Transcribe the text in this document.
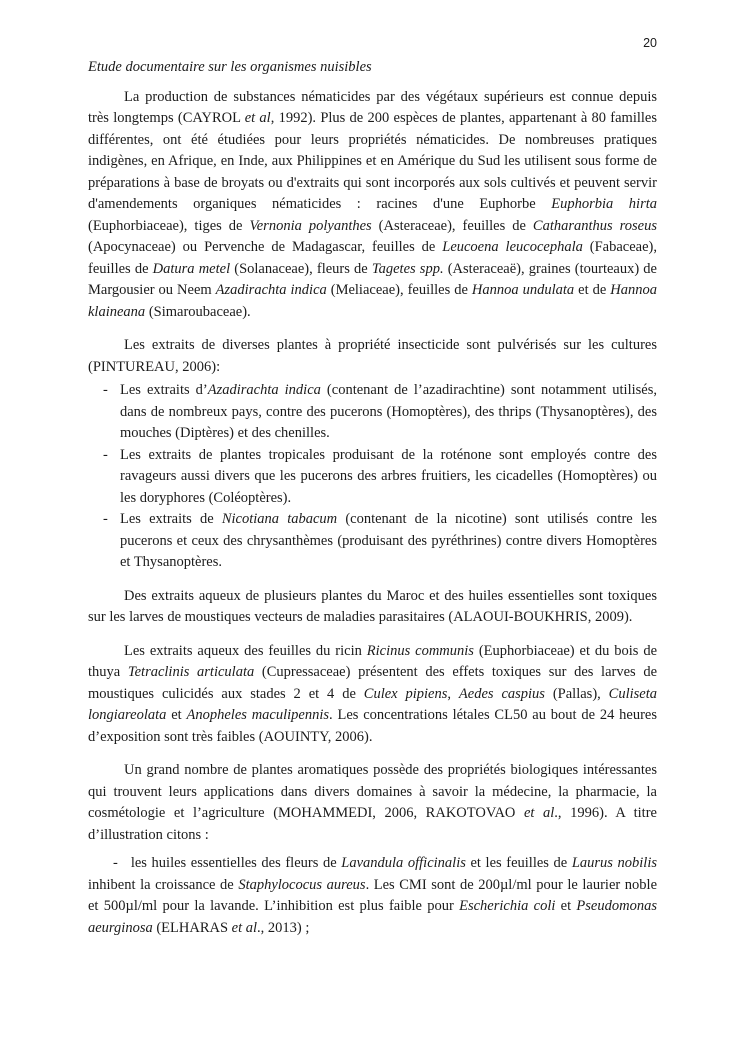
20
Etude documentaire sur les organismes nuisibles

La production de substances nématicides par des végétaux supérieurs est connue depuis très longtemps (CAYROL et al, 1992). Plus de 200 espèces de plantes, appartenant à 80 familles différentes, ont été étudiées pour leurs propriétés nématicides. De nombreuses pratiques indigènes, en Afrique, en Inde, aux Philippines et en Amérique du Sud les utilisent sous forme de préparations à base de broyats ou d'extraits qui sont incorporés aux sols cultivés et peuvent servir d'amendements organiques nématicides : racines d'une Euphorbe Euphorbia hirta (Euphorbiaceae), tiges de Vernonia polyanthes (Asteraceae), feuilles de Catharanthus roseus (Apocynaceae) ou Pervenche de Madagascar, feuilles de Leucoena leucocephala (Fabaceae), feuilles de Datura metel (Solanaceae), fleurs de Tagetes spp. (Asteraceaë), graines (tourteaux) de Margousier ou Neem Azadirachta indica (Meliaceae), feuilles de Hannoa undulata et de Hannoa klaineana (Simaroubaceae).

Les extraits de diverses plantes à propriété insecticide sont pulvérisés sur les cultures (PINTUREAU, 2006):

- Les extraits d’Azadirachta indica (contenant de l’azadirachtine) sont notamment utilisés, dans de nombreux pays, contre des pucerons (Homoptères), des thrips (Thysanoptères), des mouches (Diptères) et des chenilles.
- Les extraits de plantes tropicales produisant de la roténone sont employés contre des ravageurs aussi divers que les pucerons des arbres fruitiers, les cicadelles (Homoptères) ou les doryphores (Coléoptères).
- Les extraits de Nicotiana tabacum (contenant de la nicotine) sont utilisés contre les pucerons et ceux des chrysanthèmes (produisant des pyréthrines) contre divers Homoptères et Thysanoptères.

Des extraits aqueux de plusieurs plantes du Maroc et des huiles essentielles sont toxiques sur les larves de moustiques vecteurs de maladies parasitaires (ALAOUI-BOUKHRIS, 2009).

Les extraits aqueux des feuilles du ricin Ricinus communis (Euphorbiaceae) et du bois de thuya Tetraclinis articulata (Cupressaceae) présentent des effets toxiques sur des larves de moustiques culicidés aux stades 2 et 4 de Culex pipiens, Aedes caspius (Pallas), Culiseta longiareolata et Anopheles maculipennis. Les concentrations létales CL50 au bout de 24 heures d’exposition sont très faibles (AOUINTY, 2006).

Un grand nombre de plantes aromatiques possède des propriétés biologiques intéressantes qui trouvent leurs applications dans divers domaines à savoir la médecine, la pharmacie, la cosmétologie et l’agriculture (MOHAMMEDI, 2006, RAKOTOVAO et al., 1996). A titre d’illustration citons :

- les huiles essentielles des fleurs de Lavandula officinalis et les feuilles de Laurus nobilis inhibent la croissance de Staphylococus aureus. Les CMI sont de 200µl/ml pour le laurier noble et 500µl/ml pour la lavande. L’inhibition est plus faible pour Escherichia coli et Pseudomonas aeurginosa (ELHARAS et al., 2013) ;
